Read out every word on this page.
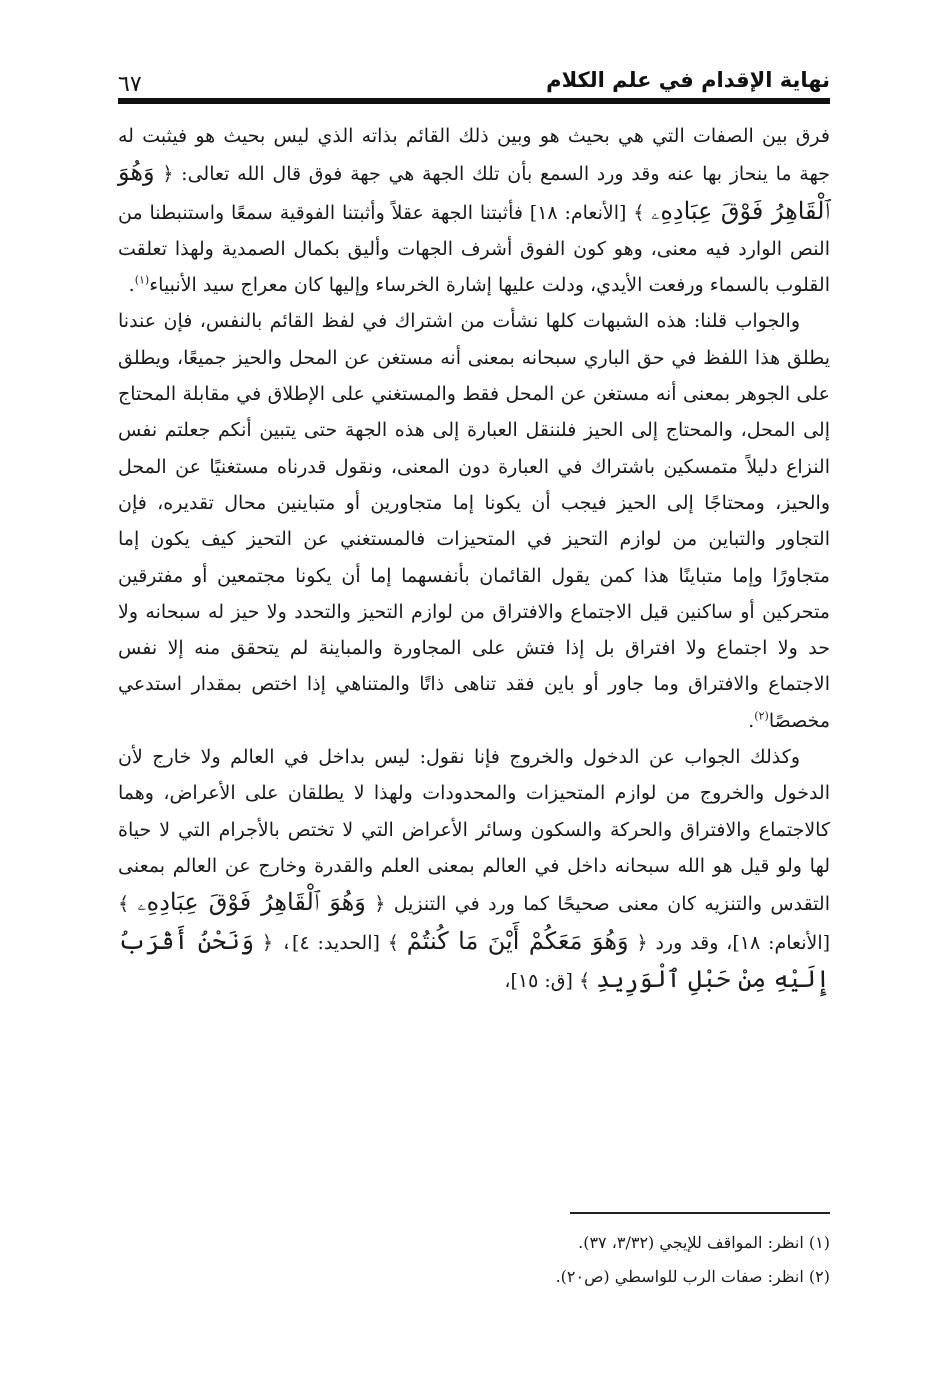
نهاية الإقدام في علم الكلام
٦٧

فرق بين الصفات التي هي بحيث هو وبين ذلك القائم بذاته الذي ليس بحيث هو فيثبت له جهة ما ينحاز بها عنه وقد ورد السمع بأن تلك الجهة هي جهة فوق قال الله تعالى: ﴿ وَهُوَ ٱلْقَاهِرُ فَوْقَ عِبَادِهِۦ ﴾ [الأنعام: ١٨] فأثبتنا الجهة عقلاً وأثبتنا الفوقية سمعًا واستنبطنا من النص الوارد فيه معنى، وهو كون الفوق أشرف الجهات وأليق بكمال الصمدية ولهذا تعلقت القلوب بالسماء ورفعت الأيدي، ودلت عليها إشارة الخرساء وإليها كان معراج سيد الأنبياء$^{(١)}$.

والجواب قلنا: هذه الشبهات كلها نشأت من اشتراك في لفظ القائم بالنفس، فإن عندنا يطلق هذا اللفظ في حق الباري سبحانه بمعنى أنه مستغن عن المحل والحيز جميعًا، ويطلق على الجوهر بمعنى أنه مستغن عن المحل فقط والمستغني على الإطلاق في مقابلة المحتاج إلى المحل، والمحتاج إلى الحيز فلننقل العبارة إلى هذه الجهة حتى يتبين أنكم جعلتم نفس النزاع دليلاً متمسكين باشتراك في العبارة دون المعنى، ونقول قدرناه مستغنيًا عن المحل والحيز، ومحتاجًا إلى الحيز فيجب أن يكونا إما متجاورين أو متباينين محال تقديره، فإن التجاور والتباين من لوازم التحيز في المتحيزات فالمستغني عن التحيز كيف يكون إما متجاورًا وإما متباينًا هذا كمن يقول القائمان بأنفسهما إما أن يكونا مجتمعين أو مفترقين متحركين أو ساكنين قيل الاجتماع والافتراق من لوازم التحيز والتحدد ولا حيز له سبحانه ولا حد ولا اجتماع ولا افتراق بل إذا فتش على المجاورة والمباينة لم يتحقق منه إلا نفس الاجتماع والافتراق وما جاور أو باين فقد تناهى ذاتًا والمتناهي إذا اختص بمقدار استدعي مخصصًا$^{(٢)}$.

وكذلك الجواب عن الدخول والخروج فإنا نقول: ليس بداخل في العالم ولا خارج لأن الدخول والخروج من لوازم المتحيزات والمحدودات ولهذا لا يطلقان على الأعراض، وهما كالاجتماع والافتراق والحركة والسكون وسائر الأعراض التي لا تختص بالأجرام التي لا حياة لها ولو قيل هو الله سبحانه داخل في العالم بمعنى العلم والقدرة وخارج عن العالم بمعنى التقدس والتنزيه كان معنى صحيحًا كما ورد في التنزيل ﴿ وَهُوَ ٱلْقَاهِرُ فَوْقَ عِبَادِهِۦ ﴾ [الأنعام: ١٨]، وقد ورد ﴿ وَهُوَ مَعَكُمْ أَيْنَ مَا كُنتُمْ ﴾ [الحديد: ٤]، ﴿ وَنَحْنُ أَقْرَبُ إِلَيْهِ مِنْ حَبْلِ ٱلْوَرِيدِ ﴾ [ق: ١٥]،

(١) انظر: المواقف للإيجي (٣/٣٢، ٣٧).

(٢) انظر: صفات الرب للواسطي (ص٢٠).
